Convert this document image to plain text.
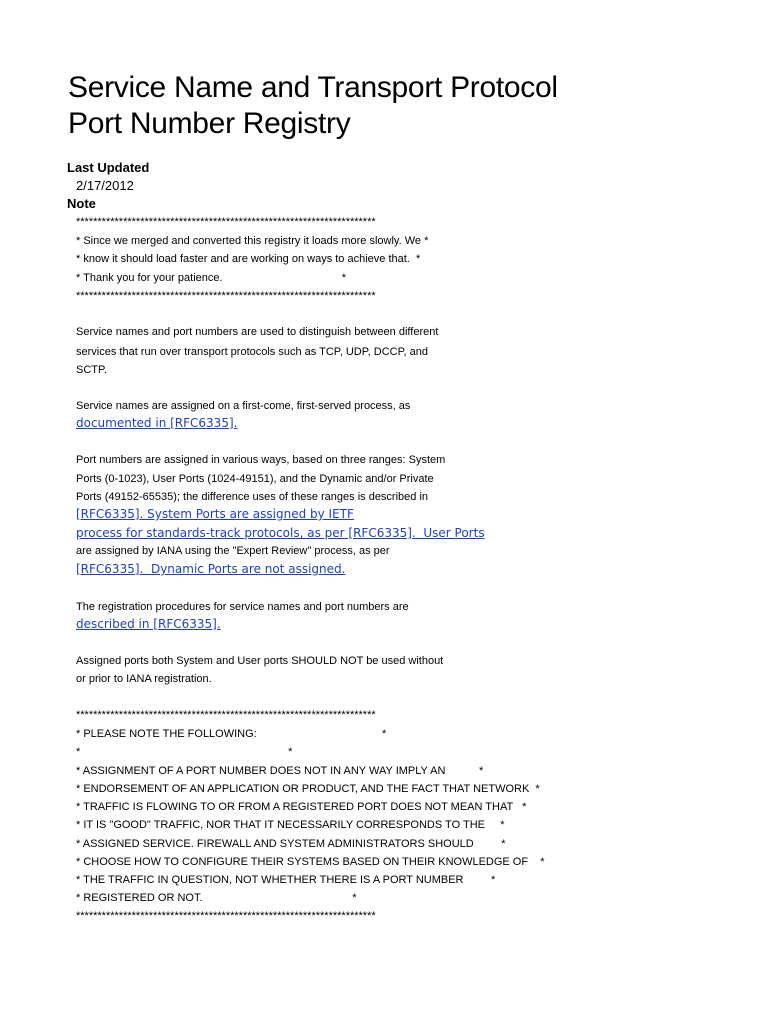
Service Name and Transport Protocol
Port Number Registry
Last Updated
2/17/2012
Note
**********************************************************************
* Since we merged and converted this registry it loads more slowly. We *
* know it should load faster and are working on ways to achieve that.  *
* Thank you for your patience.                                       *
**********************************************************************
Service names and port numbers are used to distinguish between different
services that run over transport protocols such as TCP, UDP, DCCP, and
SCTP.
Service names are assigned on a first-come, first-served process, as
documented in [RFC6335].
Port numbers are assigned in various ways, based on three ranges: System
Ports (0-1023), User Ports (1024-49151), and the Dynamic and/or Private
Ports (49152-65535); the difference uses of these ranges is described in
[RFC6335]. System Ports are assigned by IETF
process for standards-track protocols, as per [RFC6335].  User Ports
are assigned by IANA using the "Expert Review" process, as per
[RFC6335].  Dynamic Ports are not assigned.
The registration procedures for service names and port numbers are
described in [RFC6335].
Assigned ports both System and User ports SHOULD NOT be used without
or prior to IANA registration.
**********************************************************************
* PLEASE NOTE THE FOLLOWING:                                         *
*                                                                    *
* ASSIGNMENT OF A PORT NUMBER DOES NOT IN ANY WAY IMPLY AN           *
* ENDORSEMENT OF AN APPLICATION OR PRODUCT, AND THE FACT THAT NETWORK  *
* TRAFFIC IS FLOWING TO OR FROM A REGISTERED PORT DOES NOT MEAN THAT   *
* IT IS "GOOD" TRAFFIC, NOR THAT IT NECESSARILY CORRESPONDS TO THE     *
* ASSIGNED SERVICE. FIREWALL AND SYSTEM ADMINISTRATORS SHOULD         *
* CHOOSE HOW TO CONFIGURE THEIR SYSTEMS BASED ON THEIR KNOWLEDGE OF    *
* THE TRAFFIC IN QUESTION, NOT WHETHER THERE IS A PORT NUMBER         *
* REGISTERED OR NOT.                                                 *
**********************************************************************
